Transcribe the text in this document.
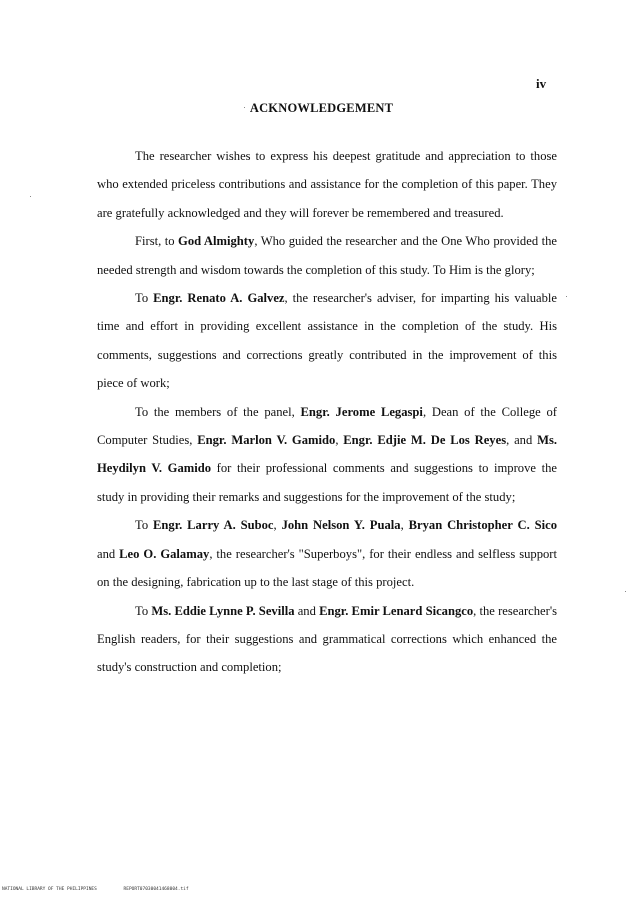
iv
ACKNOWLEDGEMENT

The researcher wishes to express his deepest gratitude and appreciation to those who extended priceless contributions and assistance for the completion of this paper. They are gratefully acknowledged and they will forever be remembered and treasured.

First, to God Almighty, Who guided the researcher and the One Who provided the needed strength and wisdom towards the completion of this study. To Him is the glory;

To Engr. Renato A. Galvez, the researcher's adviser, for imparting his valuable time and effort in providing excellent assistance in the completion of the study. His comments, suggestions and corrections greatly contributed in the improvement of this piece of work;

To the members of the panel, Engr. Jerome Legaspi, Dean of the College of Computer Studies, Engr. Marlon V. Gamido, Engr. Edjie M. De Los Reyes, and Ms. Heydilyn V. Gamido for their professional comments and suggestions to improve the study in providing their remarks and suggestions for the improvement of the study;

To Engr. Larry A. Suboc, John Nelson Y. Puala, Bryan Christopher C. Sico and Leo O. Galamay, the researcher's "Superboys", for their endless and selfless support on the designing, fabrication up to the last stage of this project.

To Ms. Eddie Lynne P. Sevilla and Engr. Emir Lenard Sicangco, the researcher's English readers, for their suggestions and grammatical corrections which enhanced the study's construction and completion;

NATIONAL LIBRARY OF THE PHILIPPINES	REPORT07030041468004.tif
